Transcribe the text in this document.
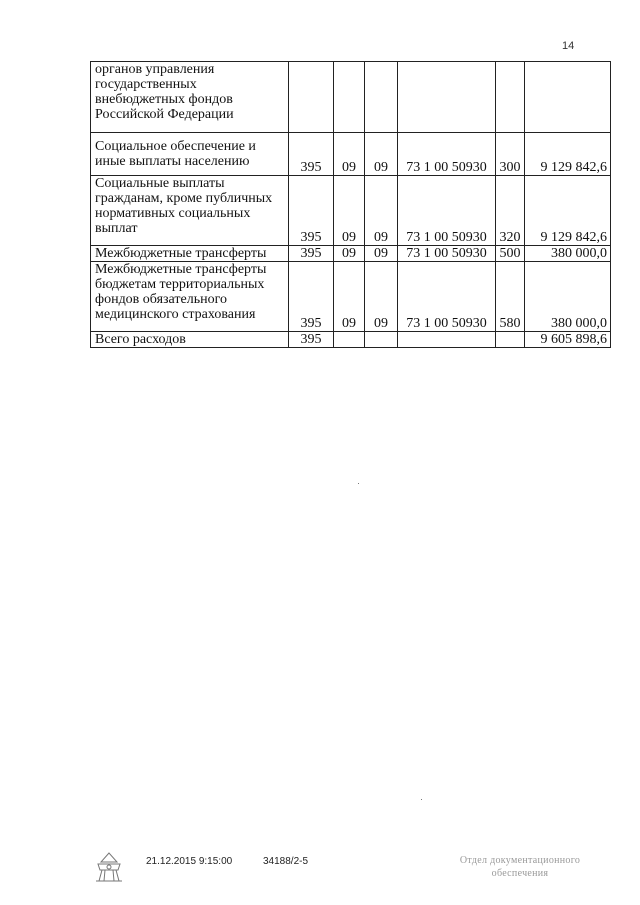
14
органов управления государственных внебюджетных фондов Российской Федерации						
Социальное обеспечение и иные выплаты населению	395	09	09	73 1 00 50930	300	9 129 842,6
Социальные выплаты гражданам, кроме публичных нормативных социальных выплат	395	09	09	73 1 00 50930	320	9 129 842,6
Межбюджетные трансферты	395	09	09	73 1 00 50930	500	380 000,0
Межбюджетные трансферты бюджетам территориальных фондов обязательного медицинского страхования	395	09	09	73 1 00 50930	580	380 000,0
Всего расходов	395					9 605 898,6
21.12.2015 9:15:00	34188/2-5	Отдел документационного
обеспечения
